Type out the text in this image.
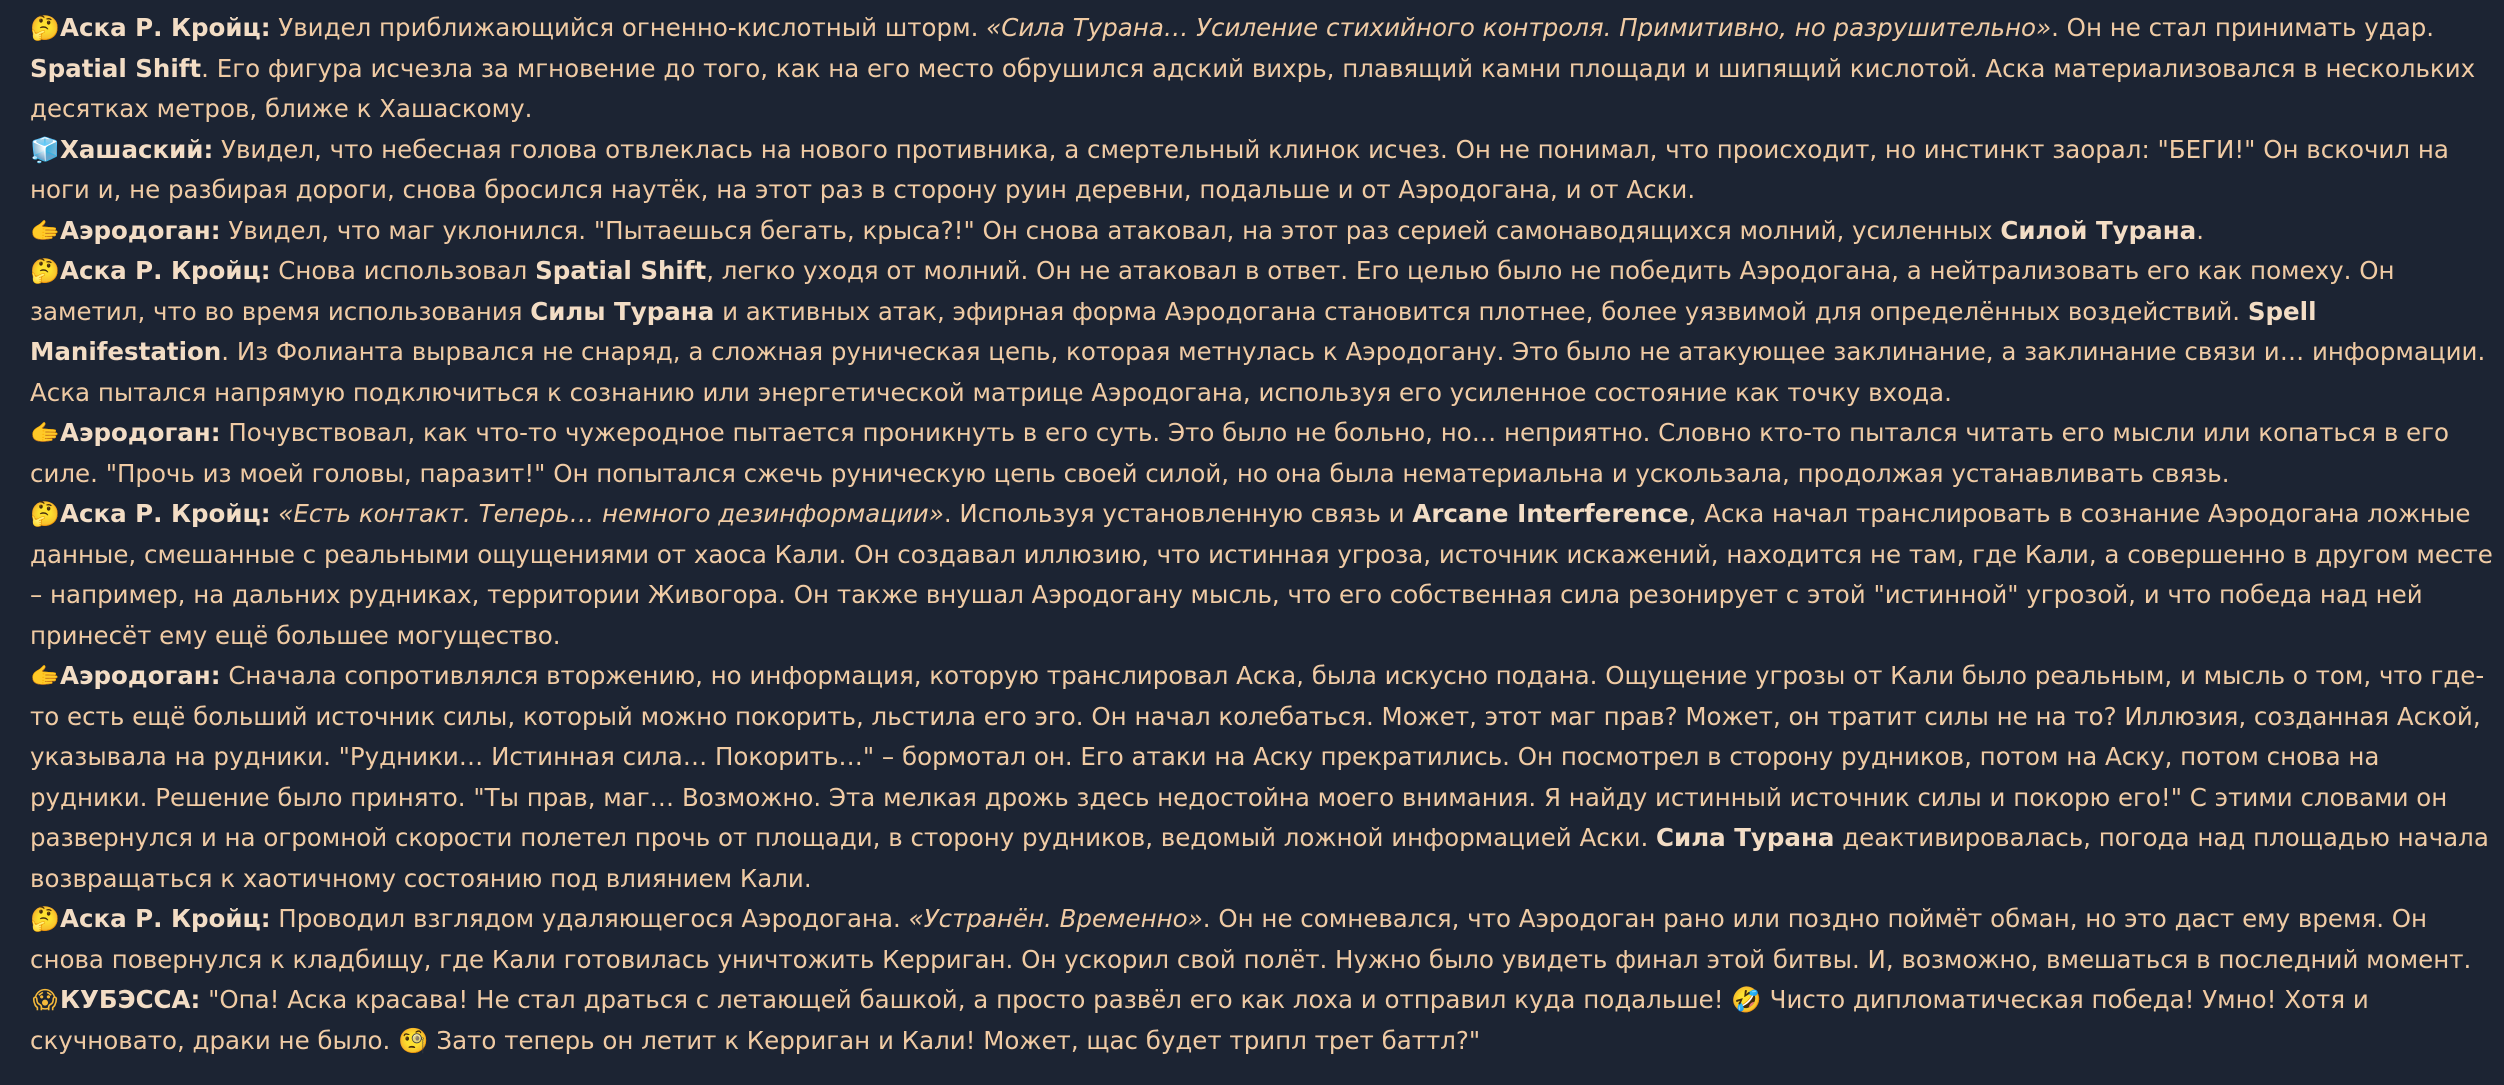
🤔Аска Р. Кройц: Увидел приближающийся огненно-кислотный шторм. «Сила Турана… Усиление стихийного контроля. Примитивно, но разрушительно». Он не стал принимать удар. Spatial Shift. Его фигура исчезла за мгновение до того, как на его место обрушился адский вихрь, плавящий камни площади и шипящий кислотой. Аска материализовался в нескольких десятках метров, ближе к Хашаскому.
🧊Хашаский: Увидел, что небесная голова отвлеклась на нового противника, а смертельный клинок исчез. Он не понимал, что происходит, но инстинкт заорал: "БЕГИ!" Он вскочил на ноги и, не разбирая дороги, снова бросился наутёк, на этот раз в сторону руин деревни, подальше и от Аэродогана, и от Аски.
🫱Аэродоган: Увидел, что маг уклонился. "Пытаешься бегать, крыса?!" Он снова атаковал, на этот раз серией самонаводящихся молний, усиленных Силой Турана.
🤔Аска Р. Кройц: Снова использовал Spatial Shift, легко уходя от молний. Он не атаковал в ответ. Его целью было не победить Аэродогана, а нейтрализовать его как помеху. Он заметил, что во время использования Силы Турана и активных атак, эфирная форма Аэродогана становится плотнее, более уязвимой для определённых воздействий. Spell Manifestation. Из Фолианта вырвался не снаряд, а сложная руническая цепь, которая метнулась к Аэродогану. Это было не атакующее заклинание, а заклинание связи и… информации. Аска пытался напрямую подключиться к сознанию или энергетической матрице Аэродогана, используя его усиленное состояние как точку входа.
🫱Аэродоган: Почувствовал, как что-то чужеродное пытается проникнуть в его суть. Это было не больно, но… неприятно. Словно кто-то пытался читать его мысли или копаться в его силе. "Прочь из моей головы, паразит!" Он попытался сжечь руническую цепь своей силой, но она была нематериальна и ускользала, продолжая устанавливать связь.
🤔Аска Р. Кройц: «Есть контакт. Теперь… немного дезинформации». Используя установленную связь и Arcane Interference, Аска начал транслировать в сознание Аэродогана ложные данные, смешанные с реальными ощущениями от хаоса Кали. Он создавал иллюзию, что истинная угроза, источник искажений, находится не там, где Кали, а совершенно в другом месте – например, на дальних рудниках, территории Живогора. Он также внушал Аэродогану мысль, что его собственная сила резонирует с этой "истинной" угрозой, и что победа над ней принесёт ему ещё большее могущество.
🫱Аэродоган: Сначала сопротивлялся вторжению, но информация, которую транслировал Аска, была искусно подана. Ощущение угрозы от Кали было реальным, и мысль о том, что где-то есть ещё больший источник силы, который можно покорить, льстила его эго. Он начал колебаться. Может, этот маг прав? Может, он тратит силы не на то? Иллюзия, созданная Аской, указывала на рудники. "Рудники… Истинная сила… Покорить…" – бормотал он. Его атаки на Аску прекратились. Он посмотрел в сторону рудников, потом на Аску, потом снова на рудники. Решение было принято. "Ты прав, маг… Возможно. Эта мелкая дрожь здесь недостойна моего внимания. Я найду истинный источник силы и покорю его!" С этими словами он развернулся и на огромной скорости полетел прочь от площади, в сторону рудников, ведомый ложной информацией Аски. Сила Турана деактивировалась, погода над площадью начала возвращаться к хаотичному состоянию под влиянием Кали.
🤔Аска Р. Кройц: Проводил взглядом удаляющегося Аэродогана. «Устранён. Временно». Он не сомневался, что Аэродоган рано или поздно поймёт обман, но это даст ему время. Он снова повернулся к кладбищу, где Кали готовилась уничтожить Керриган. Он ускорил свой полёт. Нужно было увидеть финал этой битвы. И, возможно, вмешаться в последний момент.
😱 КУБЭССА: "Опа! Аска красава! Не стал драться с летающей башкой, а просто развёл его как лоха и отправил куда подальше! 🤣 Чисто дипломатическая победа! Умно! Хотя и скучновато, драки не было. 🧐 Зато теперь он летит к Керриган и Кали! Может, щас будет трипл трет баттл?"
